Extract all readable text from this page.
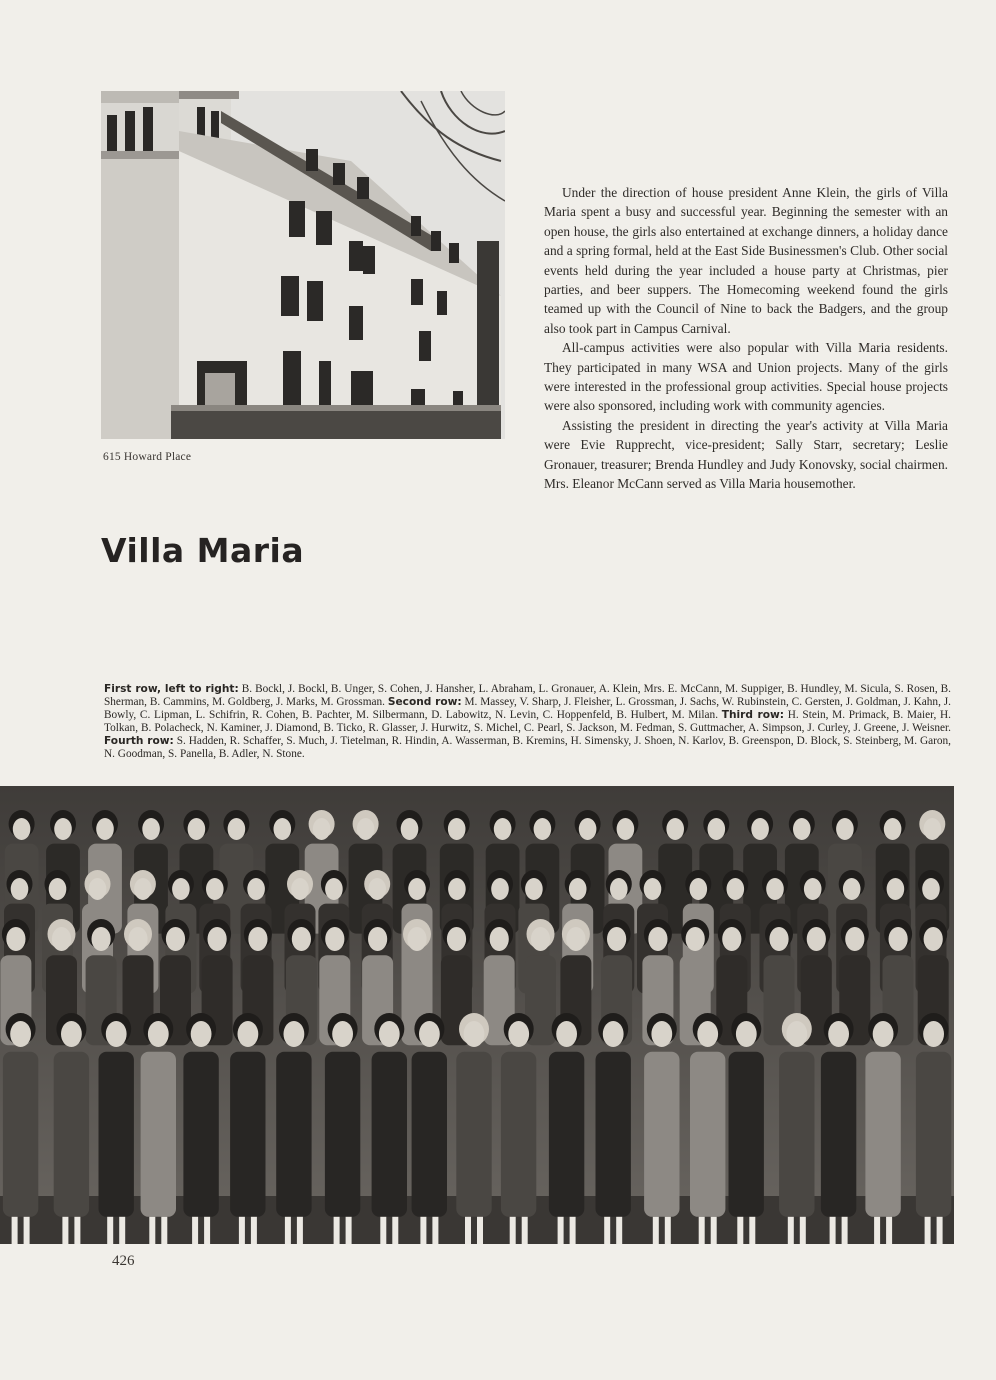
615 Howard Place
Villa Maria

Under the direction of house president Anne Klein, the girls of Villa Maria spent a busy and successful year. Beginning the semester with an open house, the girls also entertained at exchange dinners, a holiday dance and a spring formal, held at the East Side Businessmen's Club. Other social events held during the year included a house party at Christmas, pier parties, and beer suppers. The Homecoming weekend found the girls teamed up with the Council of Nine to back the Badgers, and the group also took part in Campus Carnival.

All-campus activities were also popular with Villa Maria residents. They participated in many WSA and Union projects. Many of the girls were interested in the professional group activities. Special house projects were also sponsored, including work with community agencies.

Assisting the president in directing the year's activity at Villa Maria were Evie Rupprecht, vice-president; Sally Starr, secretary; Leslie Gronauer, treasurer; Brenda Hundley and Judy Konovsky, social chairmen. Mrs. Eleanor McCann served as Villa Maria housemother.

First row, left to right: B. Bockl, J. Bockl, B. Unger, S. Cohen, J. Hansher, L. Abraham, L. Gronauer, A. Klein, Mrs. E. McCann, M. Suppiger, B. Hundley, M. Sicula, S. Rosen, B. Sherman, B. Cammins, M. Goldberg, J. Marks, M. Grossman. Second row: M. Massey, V. Sharp, J. Fleisher, L. Grossman, J. Sachs, W. Rubinstein, C. Gersten, J. Goldman, J. Kahn, J. Bowly, C. Lipman, L. Schifrin, R. Cohen, B. Pachter, M. Silbermann, D. Labowitz, N. Levin, C. Hoppenfeld, B. Hulbert, M. Milan. Third row: H. Stein, M. Primack, B. Maier, H. Tolkan, B. Polacheck, N. Kaminer, J. Diamond, B. Ticko, R. Glasser, J. Hurwitz, S. Michel, C. Pearl, S. Jackson, M. Fedman, S. Guttmacher, A. Simpson, J. Curley, J. Greene, J. Weisner. Fourth row: S. Hadden, R. Schaffer, S. Much, J. Tietelman, R. Hindin, A. Wasserman, B. Kremins, H. Simensky, J. Shoen, N. Karlov, B. Greenspon, D. Block, S. Steinberg, M. Garon, N. Goodman, S. Panella, B. Adler, N. Stone.
426
